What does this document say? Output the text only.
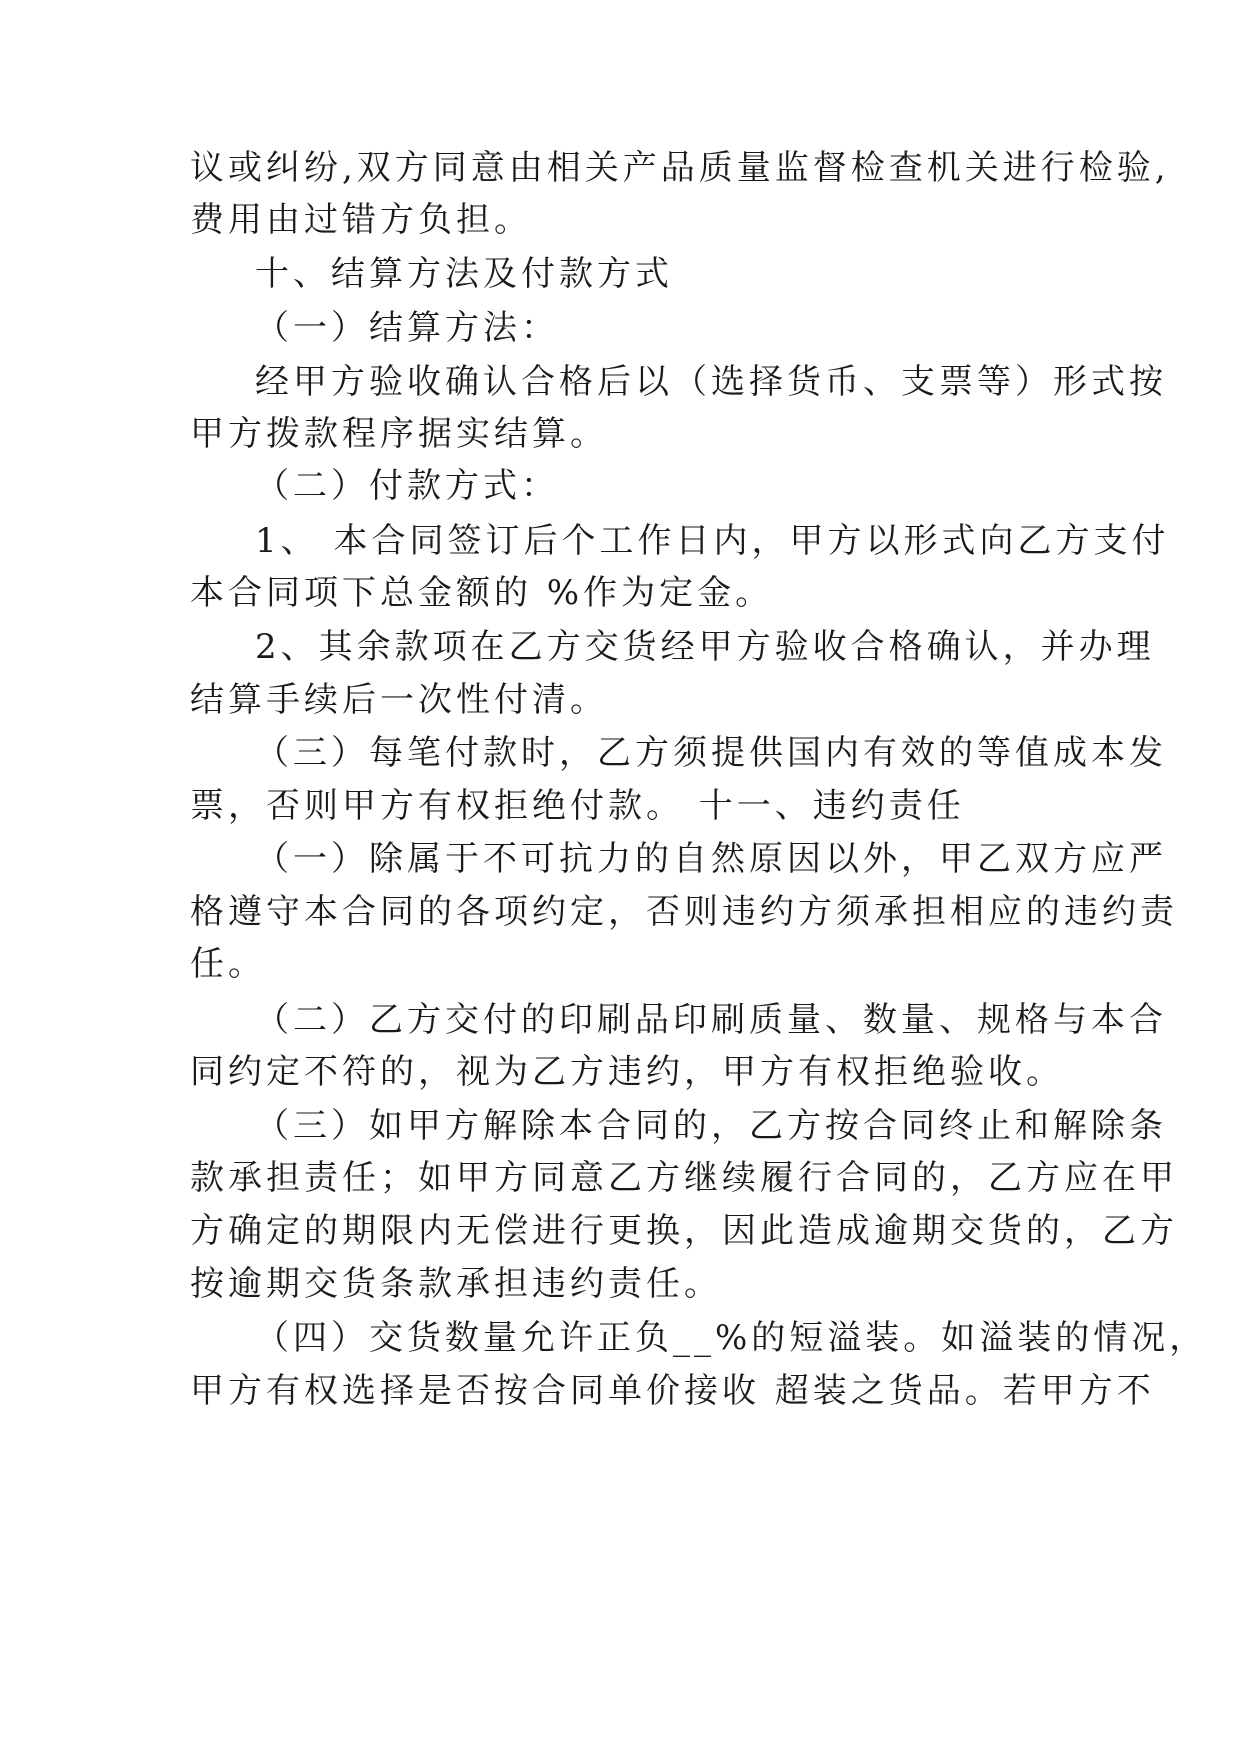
议或纠纷,双方同意由相关产品质量监督检查机关进行检验,
费用由过错方负担。
十、结算方法及付款方式
（一）结算方法：
经甲方验收确认合格后以（选择货币、支票等）形式按
甲方拨款程序据实结算。
（二）付款方式：
1、 本合同签订后个工作日内，甲方以形式向乙方支付
本合同项下总金额的 %作为定金。
2、其余款项在乙方交货经甲方验收合格确认，并办理
结算手续后一次性付清。
（三）每笔付款时，乙方须提供国内有效的等值成本发
票，否则甲方有权拒绝付款。 十一、违约责任
（一）除属于不可抗力的自然原因以外，甲乙双方应严
格遵守本合同的各项约定，否则违约方须承担相应的违约责
任。
（二）乙方交付的印刷品印刷质量、数量、规格与本合
同约定不符的，视为乙方违约，甲方有权拒绝验收。
（三）如甲方解除本合同的，乙方按合同终止和解除条
款承担责任；如甲方同意乙方继续履行合同的，乙方应在甲
方确定的期限内无偿进行更换，因此造成逾期交货的，乙方
按逾期交货条款承担违约责任。
（四）交货数量允许正负__%的短溢装。如溢装的情况，
甲方有权选择是否按合同单价接收 超装之货品。若甲方不
